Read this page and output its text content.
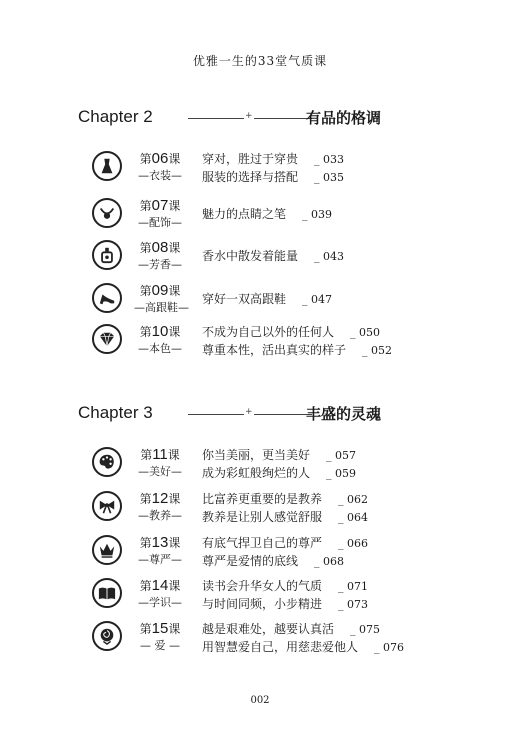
优雅一生的33堂气质课
Chapter 2 +	有品的格调
第06课
—衣装—
穿对，胜过于穿贵 _ 033
服装的选择与搭配 _ 035
第07课
—配饰—
魅力的点睛之笔 _ 039
第08课
—芳香—
香水中散发着能量 _ 043
第09课
—高跟鞋—
穿好一双高跟鞋 _ 047
第10课
—本色—
不成为自己以外的任何人 _ 050
尊重本性，活出真实的样子 _ 052
Chapter 3 +	丰盛的灵魂
第11课
—美好—
你当美丽，更当美好 _ 057
成为彩虹般绚烂的人 _ 059
第12课
—教养—
比富养更重要的是教养 _ 062
教养是让别人感觉舒服 _ 064
第13课
—尊严—
有底气捍卫自己的尊严 _ 066
尊严是爱情的底线 _ 068
第14课
—学识—
读书会升华女人的气质 _ 071
与时间同频，小步精进 _ 073
第15课
— 爱 —
越是艰难处，越要认真活 _ 075
用智慧爱自己，用慈悲爱他人 _ 076
002
